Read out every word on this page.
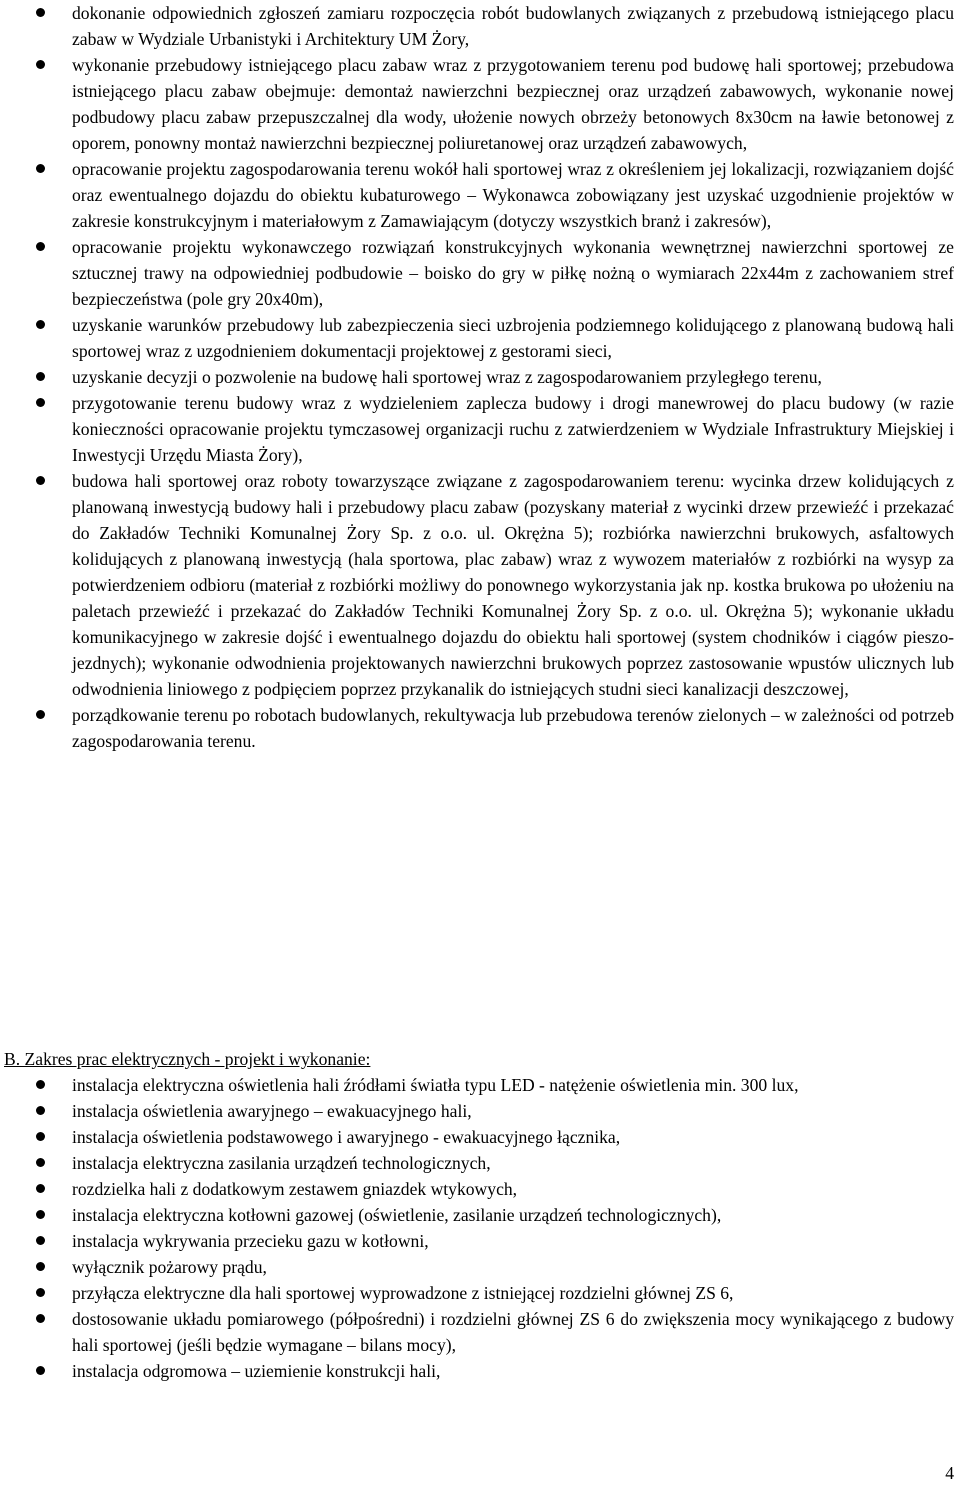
dokonanie odpowiednich zgłoszeń zamiaru rozpoczęcia robót budowlanych związanych z przebudową istniejącego placu zabaw w Wydziale Urbanistyki i Architektury UM Żory,
wykonanie przebudowy istniejącego placu zabaw wraz z przygotowaniem terenu pod budowę hali sportowej; przebudowa istniejącego placu zabaw obejmuje: demontaż nawierzchni bezpiecznej oraz urządzeń zabawowych, wykonanie nowej podbudowy placu zabaw przepuszczalnej dla wody, ułożenie nowych obrzeży betonowych 8x30cm na ławie betonowej z oporem, ponowny montaż nawierzchni bezpiecznej poliuretanowej oraz urządzeń zabawowych,
opracowanie projektu zagospodarowania terenu wokół hali sportowej wraz z określeniem jej lokalizacji, rozwiązaniem dojść oraz ewentualnego dojazdu do obiektu kubaturowego – Wykonawca zobowiązany jest uzyskać uzgodnienie projektów w zakresie konstrukcyjnym i materiałowym z Zamawiającym (dotyczy wszystkich branż i zakresów),
opracowanie projektu wykonawczego rozwiązań konstrukcyjnych wykonania wewnętrznej nawierzchni sportowej ze sztucznej trawy na odpowiedniej podbudowie – boisko do gry w piłkę nożną o wymiarach 22x44m z zachowaniem stref bezpieczeństwa (pole gry 20x40m),
uzyskanie warunków przebudowy lub zabezpieczenia sieci uzbrojenia podziemnego kolidującego z planowaną budową hali sportowej wraz z uzgodnieniem dokumentacji projektowej z gestorami sieci,
uzyskanie decyzji o pozwolenie na budowę hali sportowej wraz z zagospodarowaniem przyległego terenu,
przygotowanie terenu budowy wraz z wydzieleniem zaplecza budowy i drogi manewrowej do placu budowy (w razie konieczności opracowanie projektu tymczasowej organizacji ruchu z zatwierdzeniem w Wydziale Infrastruktury Miejskiej i Inwestycji Urzędu Miasta Żory),
budowa hali sportowej oraz roboty towarzyszące związane z zagospodarowaniem terenu: wycinka drzew kolidujących z planowaną inwestycją budowy hali i przebudowy placu zabaw (pozyskany materiał z wycinki drzew przewieźć i przekazać do Zakładów Techniki Komunalnej Żory Sp. z o.o. ul. Okrężna 5); rozbiórka nawierzchni brukowych, asfaltowych kolidujących z planowaną inwestycją (hala sportowa, plac zabaw) wraz z wywozem materiałów z rozbiórki na wysyp za potwierdzeniem odbioru (materiał z rozbiórki możliwy do ponownego wykorzystania jak np. kostka brukowa po ułożeniu na paletach przewieźć i przekazać do Zakładów Techniki Komunalnej Żory Sp. z o.o. ul. Okrężna 5); wykonanie układu komunikacyjnego w zakresie dojść i ewentualnego dojazdu do obiektu hali sportowej (system chodników i ciągów pieszo-jezdnych); wykonanie odwodnienia projektowanych nawierzchni brukowych poprzez zastosowanie wpustów ulicznych lub odwodnienia liniowego z podpięciem poprzez przykanalik do istniejących studni sieci kanalizacji deszczowej,
porządkowanie terenu po robotach budowlanych, rekultywacja lub przebudowa terenów zielonych – w zależności od potrzeb zagospodarowania terenu.
B. Zakres prac elektrycznych - projekt i wykonanie:
instalacja elektryczna oświetlenia hali źródłami światła typu LED - natężenie oświetlenia min. 300 lux,
instalacja oświetlenia awaryjnego – ewakuacyjnego hali,
instalacja oświetlenia podstawowego i awaryjnego - ewakuacyjnego łącznika,
instalacja elektryczna zasilania urządzeń technologicznych,
rozdzielka hali z dodatkowym zestawem gniazdek wtykowych,
instalacja elektryczna kotłowni gazowej (oświetlenie, zasilanie urządzeń technologicznych),
instalacja wykrywania przecieku gazu w kotłowni,
wyłącznik pożarowy prądu,
przyłącza elektryczne dla hali sportowej wyprowadzone z istniejącej rozdzielni głównej ZS 6,
dostosowanie układu pomiarowego (półpośredni) i rozdzielni głównej ZS 6 do zwiększenia mocy wynikającego z budowy hali sportowej (jeśli będzie wymagane – bilans mocy),
instalacja odgromowa – uziemienie konstrukcji hali,
4
